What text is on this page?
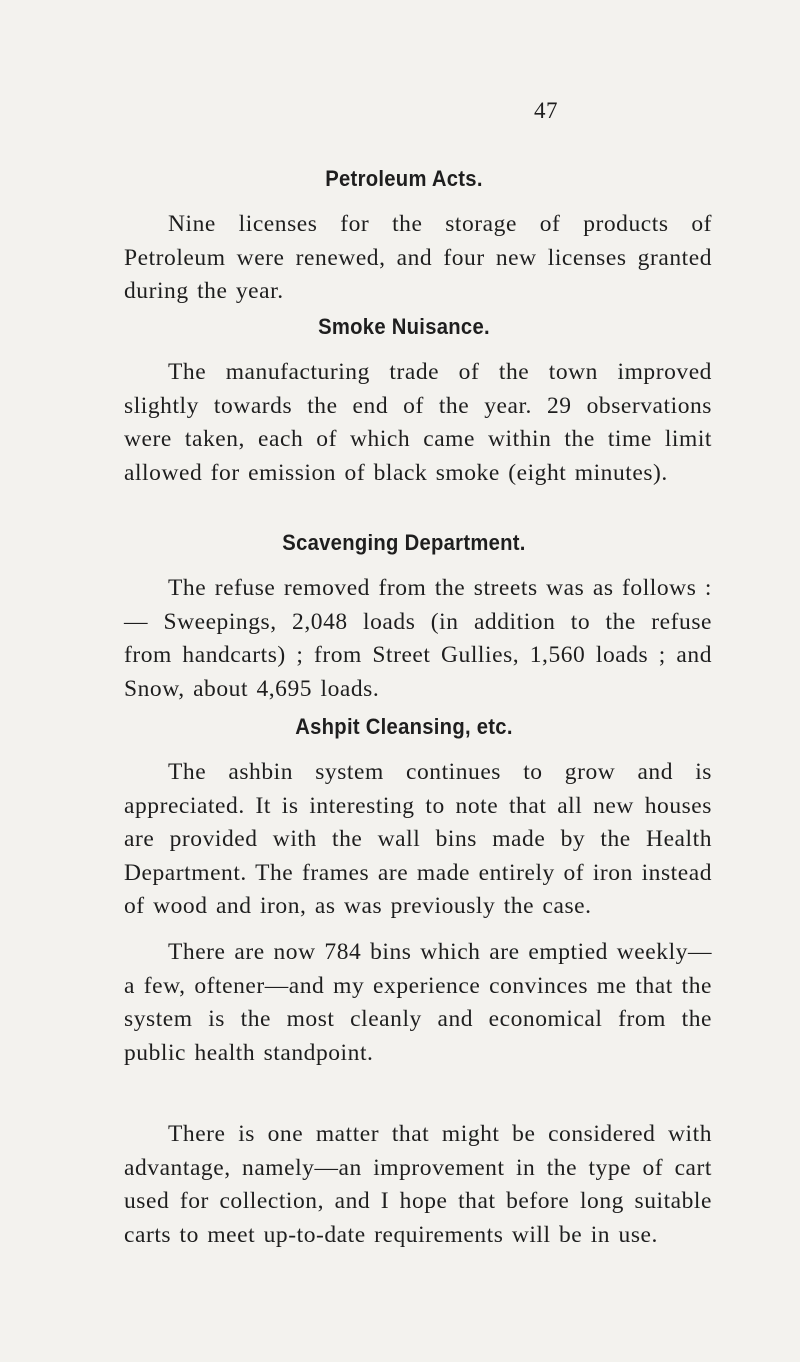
47
Petroleum Acts.

Nine licenses for the storage of products of Petroleum were renewed, and four new licenses granted during the year.

Smoke Nuisance.

The manufacturing trade of the town improved slightly towards the end of the year. 29 observations were taken, each of which came within the time limit allowed for emission of black smoke (eight minutes).

Scavenging Department.

The refuse removed from the streets was as follows :— Sweepings, 2,048 loads (in addition to the refuse from handcarts) ; from Street Gullies, 1,560 loads ; and Snow, about 4,695 loads.

Ashpit Cleansing, etc.

The ashbin system continues to grow and is appreciated. It is interesting to note that all new houses are provided with the wall bins made by the Health Department. The frames are made entirely of iron instead of wood and iron, as was previously the case.

There are now 784 bins which are emptied weekly—a few, oftener—and my experience convinces me that the system is the most cleanly and economical from the public health standpoint.

There is one matter that might be considered with advantage, namely—an improvement in the type of cart used for collection, and I hope that before long suitable carts to meet up-to-date requirements will be in use.
